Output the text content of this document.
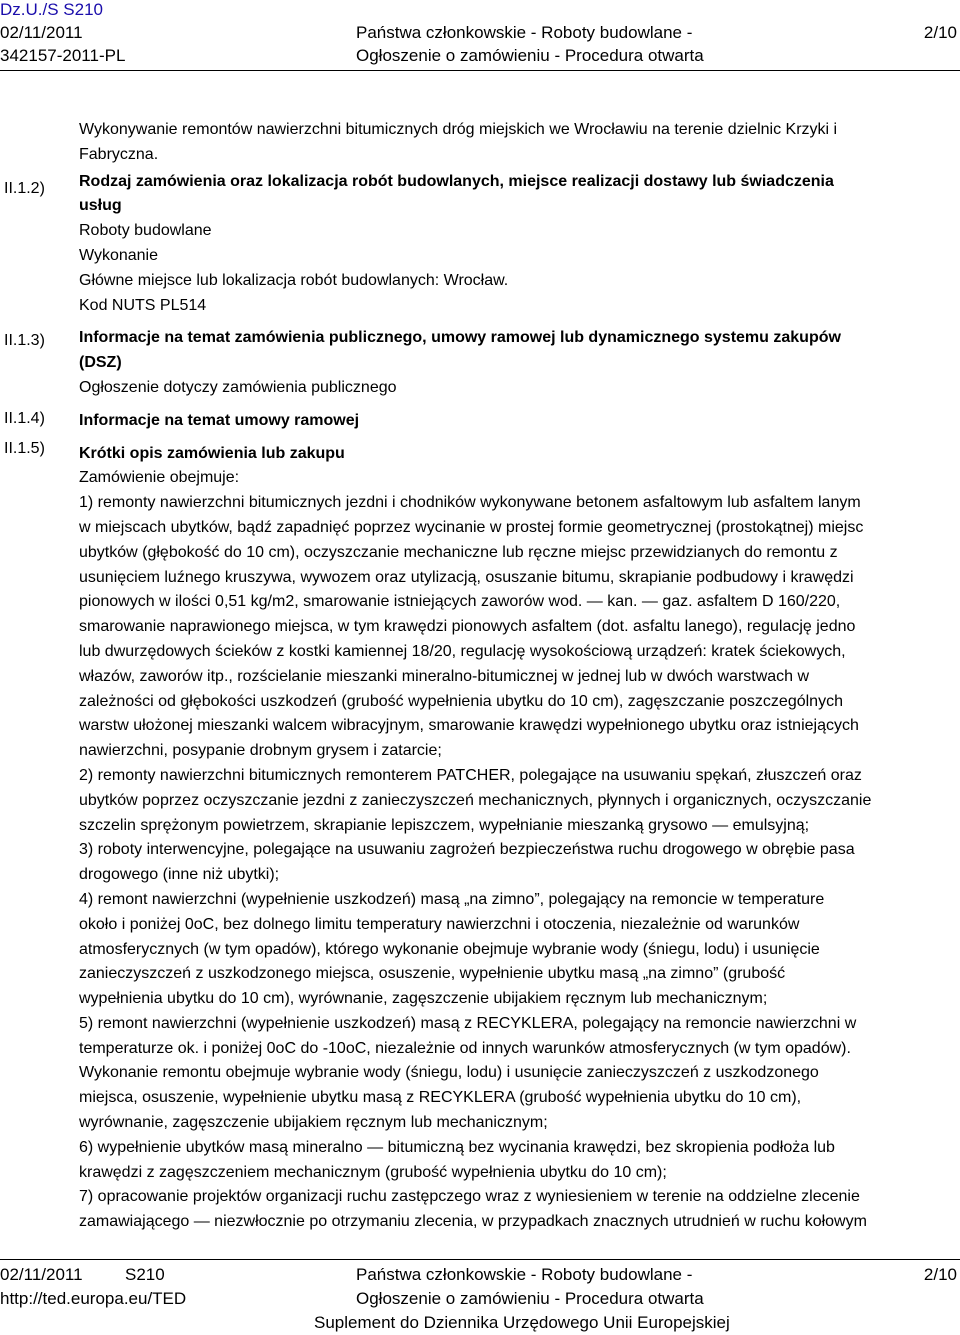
Dz.U./S S210
02/11/2011
342157-2011-PL
Państwa członkowskie - Roboty budowlane -
Ogłoszenie o zamówieniu - Procedura otwarta
2/10
II.1.2)
II.1.3)
II.1.4)
II.1.5)

Wykonywanie remontów nawierzchni bitumicznych dróg miejskich we Wrocławiu na terenie dzielnic Krzyki i

Fabryczna.

Rodzaj zamówienia oraz lokalizacja robót budowlanych, miejsce realizacji dostawy lub świadczenia

usług

Roboty budowlane

Wykonanie

Główne miejsce lub lokalizacja robót budowlanych: Wrocław.

Kod NUTS PL514

Informacje na temat zamówienia publicznego, umowy ramowej lub dynamicznego systemu zakupów

(DSZ)

Ogłoszenie dotyczy zamówienia publicznego

Informacje na temat umowy ramowej

Krótki opis zamówienia lub zakupu

Zamówienie obejmuje:

1) remonty nawierzchni bitumicznych jezdni i chodników wykonywane betonem asfaltowym lub asfaltem lanym

w miejscach ubytków, bądź zapadnięć poprzez wycinanie w prostej formie geometrycznej (prostokątnej) miejsc

ubytków (głębokość do 10 cm), oczyszczanie mechaniczne lub ręczne miejsc przewidzianych do remontu z

usunięciem luźnego kruszywa, wywozem oraz utylizacją, osuszanie bitumu, skrapianie podbudowy i krawędzi

pionowych w ilości 0,51 kg/m2, smarowanie istniejących zaworów wod. — kan. — gaz. asfaltem D 160/220,

smarowanie naprawionego miejsca, w tym krawędzi pionowych asfaltem (dot. asfaltu lanego), regulację jedno

lub dwurzędowych ścieków z kostki kamiennej 18/20, regulację wysokościową urządzeń: kratek ściekowych,

włazów, zaworów itp., rozścielanie mieszanki mineralno-bitumicznej w jednej lub w dwóch warstwach w

zależności od głębokości uszkodzeń (grubość wypełnienia ubytku do 10 cm), zagęszczanie poszczególnych

warstw ułożonej mieszanki walcem wibracyjnym, smarowanie krawędzi wypełnionego ubytku oraz istniejących

nawierzchni, posypanie drobnym grysem i zatarcie;

2) remonty nawierzchni bitumicznych remonterem PATCHER, polegające na usuwaniu spękań, złuszczeń oraz

ubytków poprzez oczyszczanie jezdni z zanieczyszczeń mechanicznych, płynnych i organicznych, oczyszczanie

szczelin sprężonym powietrzem, skrapianie lepiszczem, wypełnianie mieszanką grysowo — emulsyjną;

3) roboty interwencyjne, polegające na usuwaniu zagrożeń bezpieczeństwa ruchu drogowego w obrębie pasa

drogowego (inne niż ubytki);

4) remont nawierzchni (wypełnienie uszkodzeń) masą „na zimno”, polegający na remoncie w temperature

około i poniżej 0oC, bez dolnego limitu temperatury nawierzchni i otoczenia, niezależnie od warunków

atmosferycznych (w tym opadów), którego wykonanie obejmuje wybranie wody (śniegu, lodu) i usunięcie

zanieczyszczeń z uszkodzonego miejsca, osuszenie, wypełnienie ubytku masą „na zimno” (grubość

wypełnienia ubytku do 10 cm), wyrównanie, zagęszczenie ubijakiem ręcznym lub mechanicznym;

5) remont nawierzchni (wypełnienie uszkodzeń) masą z RECYKLERA, polegający na remoncie nawierzchni w

temperaturze ok. i poniżej 0oC do -10oC, niezależnie od innych warunków atmosferycznych (w tym opadów).

Wykonanie remontu obejmuje wybranie wody (śniegu, lodu) i usunięcie zanieczyszczeń z uszkodzonego

miejsca, osuszenie, wypełnienie ubytku masą z RECYKLERA (grubość wypełnienia ubytku do 10 cm),

wyrównanie, zagęszczenie ubijakiem ręcznym lub mechanicznym;

6) wypełnienie ubytków masą mineralno — bitumiczną bez wycinania krawędzi, bez skropienia podłoża lub

krawędzi z zagęszczeniem mechanicznym (grubość wypełnienia ubytku do 10 cm);

7) opracowanie projektów organizacji ruchu zastępczego wraz z wyniesieniem w terenie na oddzielne zlecenie

zamawiającego — niezwłocznie po otrzymaniu zlecenia, w przypadkach znacznych utrudnień w ruchu kołowym

02/11/2011 S210
http://ted.europa.eu/TED
Państwa członkowskie - Roboty budowlane -
Ogłoszenie o zamówieniu - Procedura otwarta
Suplement do Dziennika Urzędowego Unii Europejskiej
2/10
